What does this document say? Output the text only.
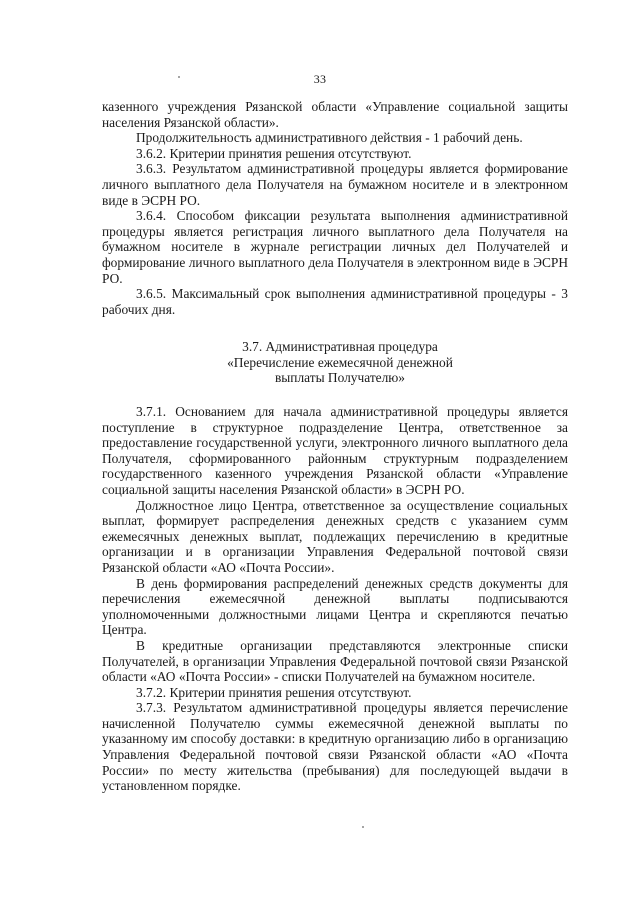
33

казенного учреждения Рязанской области «Управление социальной защиты населения Рязанской области».

Продолжительность административного действия - 1 рабочий день.

3.6.2. Критерии принятия решения отсутствуют.

3.6.3. Результатом административной процедуры является формирование личного выплатного дела Получателя на бумажном носителе и в электронном виде в ЭСРН РО.

3.6.4. Способом фиксации результата выполнения административной процедуры является регистрация личного выплатного дела Получателя на бумажном носителе в журнале регистрации личных дел Получателей и формирование личного выплатного дела Получателя в электронном виде в ЭСРН РО.

3.6.5. Максимальный срок выполнения административной процедуры - 3 рабочих дня.

3.7. Административная процедура

«Перечисление ежемесячной денежной

выплаты Получателю»

3.7.1. Основанием для начала административной процедуры является поступление в структурное подразделение Центра, ответственное за предоставление государственной услуги, электронного личного выплатного дела Получателя, сформированного районным структурным подразделением государственного казенного учреждения Рязанской области «Управление социальной защиты населения Рязанской области» в ЭСРН РО.

Должностное лицо Центра, ответственное за осуществление социальных выплат, формирует распределения денежных средств с указанием сумм ежемесячных денежных выплат, подлежащих перечислению в кредитные организации и в организации Управления Федеральной почтовой связи Рязанской области «АО «Почта России».

В день формирования распределений денежных средств документы для перечисления ежемесячной денежной выплаты подписываются уполномоченными должностными лицами Центра и скрепляются печатью Центра.

В кредитные организации представляются электронные списки Получателей, в организации Управления Федеральной почтовой связи Рязанской области «АО «Почта России» - списки Получателей на бумажном носителе.

3.7.2. Критерии принятия решения отсутствуют.

3.7.3. Результатом административной процедуры является перечисление начисленной Получателю суммы ежемесячной денежной выплаты по указанному им способу доставки: в кредитную организацию либо в организацию Управления Федеральной почтовой связи Рязанской области «АО «Почта России» по месту жительства (пребывания) для последующей выдачи в установленном порядке.
